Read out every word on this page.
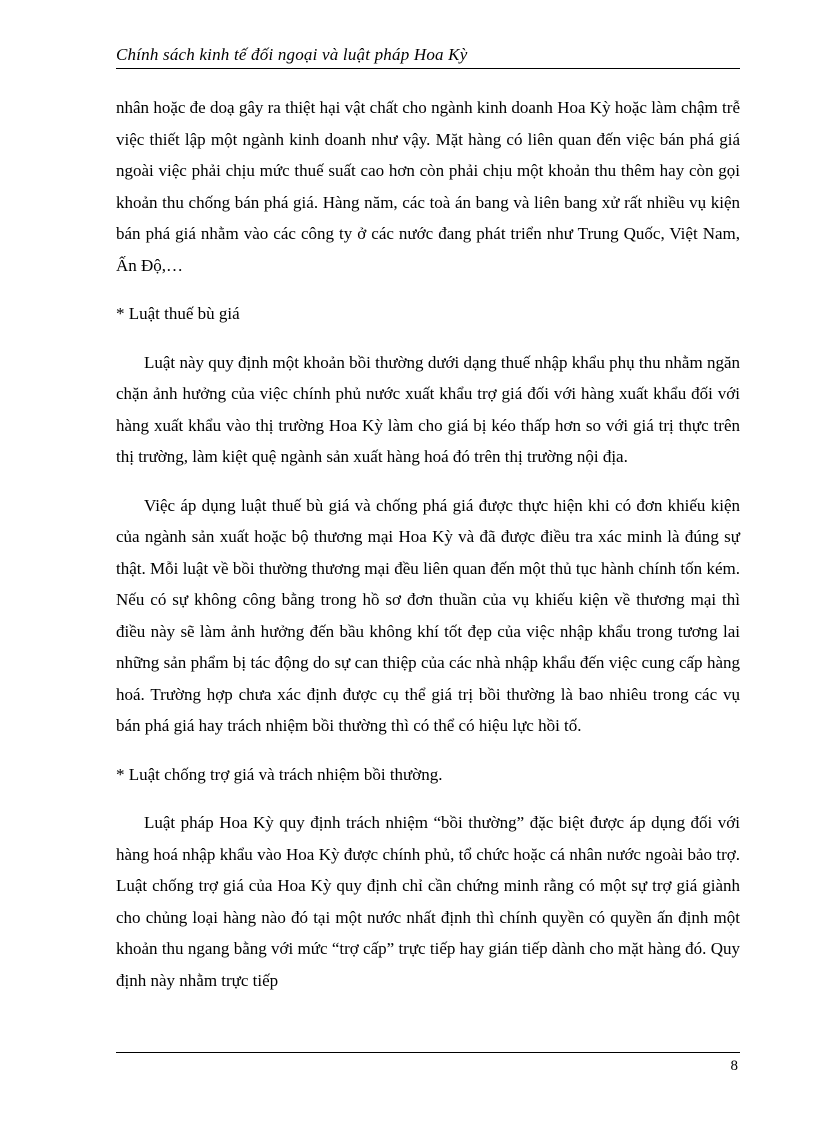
Chính sách kinh tế đối ngoại và luật pháp Hoa Kỳ

nhân hoặc đe doạ gây ra thiệt hại vật chất cho ngành kinh doanh Hoa Kỳ hoặc làm chậm trễ việc thiết lập một ngành kinh doanh như vậy. Mặt hàng có liên quan đến việc bán phá giá ngoài việc phải chịu mức thuế suất cao hơn còn phải chịu một khoản thu thêm hay còn gọi khoản thu chống bán phá giá. Hàng năm, các toà án bang và liên bang xử rất nhiều vụ kiện bán phá giá nhằm vào các công ty ở các nước đang phát triển như Trung Quốc, Việt Nam, Ấn Độ,…

* Luật thuế bù giá

Luật này quy định một khoản bồi thường dưới dạng thuế nhập khẩu phụ thu nhằm ngăn chặn ảnh hưởng của việc chính phủ nước xuất khẩu trợ giá đối với hàng xuất khẩu đối với hàng xuất khẩu vào thị trường Hoa Kỳ làm cho giá bị kéo thấp hơn so với giá trị thực trên thị trường, làm kiệt quệ ngành sản xuất hàng hoá đó trên thị trường nội địa.

Việc áp dụng luật thuế bù giá và chống phá giá được thực hiện khi có đơn khiếu kiện của ngành sản xuất hoặc bộ thương mại Hoa Kỳ và đã được điều tra xác minh là đúng sự thật. Mỗi luật về bồi thường thương mại đều liên quan đến một thủ tục hành chính tốn kém. Nếu có sự không công bằng trong hồ sơ đơn thuần của vụ khiếu kiện về thương mại thì điều này sẽ làm ảnh hưởng đến bầu không khí tốt đẹp của việc nhập khẩu trong tương lai những sản phẩm bị tác động do sự can thiệp của các nhà nhập khẩu đến việc cung cấp hàng hoá. Trường hợp chưa xác định được cụ thể giá trị bồi thường là bao nhiêu trong các vụ bán phá giá hay trách nhiệm bồi thường thì có thể có hiệu lực hồi tố.

* Luật chống trợ giá và trách nhiệm bồi thường.

Luật pháp Hoa Kỳ quy định trách nhiệm “bồi thường” đặc biệt được áp dụng đối với hàng hoá nhập khẩu vào Hoa Kỳ được chính phủ, tổ chức hoặc cá nhân nước ngoài bảo trợ. Luật chống trợ giá của Hoa Kỳ quy định chỉ cần chứng minh rằng có một sự trợ giá giành cho chủng loại hàng nào đó tại một nước nhất định thì chính quyền có quyền ấn định một khoản thu ngang bằng với mức “trợ cấp” trực tiếp hay gián tiếp dành cho mặt hàng đó. Quy định này nhằm trực tiếp

8
